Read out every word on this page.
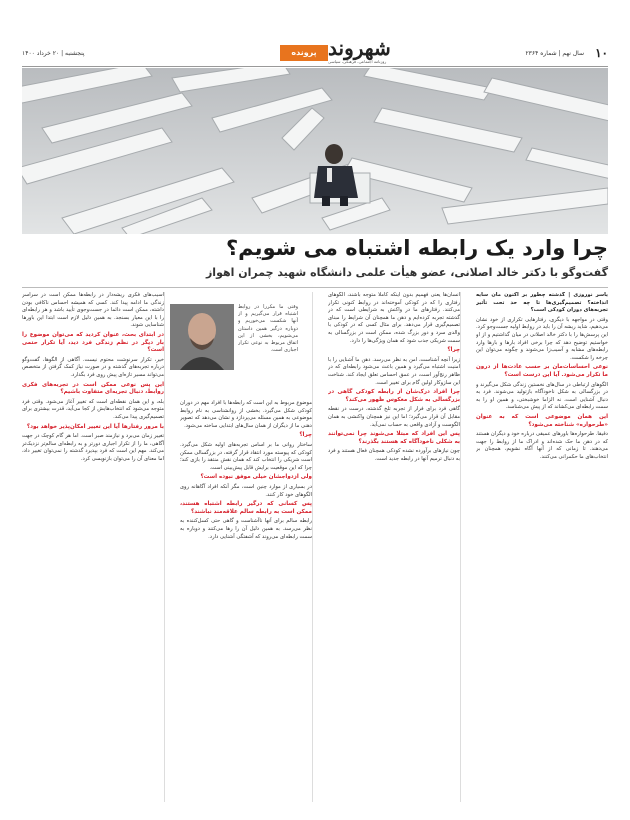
۱۰
سال نهم | شماره ۲۳۶۴
پرونده شهروند
روزنامه اجتماعی، فرهنگی، سیاسی
پنجشنبه | ۲۰ خرداد ۱۴۰۰
چرا وارد یک رابطه اشتباه می شویم؟
گفت‌وگو با دکتر خالد اصلانی، عضو هیأت علمی دانشگاه شهید چمران اهواز

یاسر نوروزی | گذشته چطور بر اکنون مان سایه انداخته؟ تصمیم‌گیری‌ها تا چه حد تحت تأثیر تجربه‌های دوران کودکی است؟

وقتی در مواجهه با دیگری، رفتارهایی تکراری از خود نشان می‌دهیم، شاید ریشه آن را باید در روابط اولیه جست‌وجو کرد. این پرسش‌ها را با دکتر خالد اصلانی در میان گذاشتیم و از او خواستیم توضیح دهد که چرا برخی افراد بارها و بارها وارد رابطه‌های مشابه و آسیب‌زا می‌شوند و چگونه می‌توان این چرخه را شکست.

نوعی احساسات‌مان بر حسب عادت‌ها از درون ما تکرار می‌شود. آیا این درست است؟

الگوهای ارتباطی در سال‌های نخستین زندگی شکل می‌گیرند و در بزرگسالی به شکل ناخودآگاه بازتولید می‌شوند. فرد به دنبال آشنایی است، نه الزاما خوشبختی، و همین او را به سمت رابطه‌ای می‌کشاند که از پیش می‌شناسد.

این همان موضوعی است که به عنوان «طرحواره» شناخته می‌شود؟

دقیقا. طرحواره‌ها باورهای عمیقی درباره خود و دیگران هستند که در ذهن ما حک شده‌اند و ادراک ما از روابط را جهت می‌دهند. تا زمانی که از آنها آگاه نشویم، همچنان بر انتخاب‌های ما حکمرانی می‌کنند.

انسان‌ها یعنی فهمیم بدون اینکه کاملا متوجه باشند، الگوهای رفتاری را که در کودکی آموخته‌اند در روابط کنونی تکرار می‌کنند. رفتارهای ما در واکنش به شرایطی است که در گذشته تجربه کرده‌ایم و ذهن ما همچنان آن شرایط را مبنای تصمیم‌گیری قرار می‌دهد. برای مثال کسی که در کودکی با والدی سرد و دور بزرگ شده، ممکن است در بزرگسالی به سمت شریکی جذب شود که همان ویژگی‌ها را دارد.

چرا؟

زیرا آنچه آشناست، امن به نظر می‌رسد. ذهن ما آشنایی را با امنیت اشتباه می‌گیرد و همین باعث می‌شود رابطه‌ای که در ظاهر رنج‌آور است، در عمق احساس تعلق ایجاد کند. شناخت این سازوکار اولین گام برای تغییر است.

چرا افراد درک‌شان از رابطه کودکی گاهی در بزرگسالی به شکل معکوس ظهور می‌کند؟

گاهی فرد برای فرار از تجربه تلخ گذشته، درست در نقطه مقابل آن قرار می‌گیرد؛ اما این نیز همچنان واکنشی به همان الگوست و آزادی واقعی به حساب نمی‌آید.

پس این افراد که مبتلا می‌شوند چرا نمی‌توانند به شکلی ناخودآگاه که هستند بگذرند؟

چون نیازهای برآورده نشده کودکی همچنان فعال هستند و فرد به دنبال ترمیم آنها در رابطه جدید است.

وقتی ما مکررا در روابط اشتباه قرار می‌گیریم و از آنها شکست می‌خوریم و دوباره درگیر همین داستان می‌شویم، بخشی از این اتفاق مربوط به نوعی تکرار اجباری است.

موضوع مربوط به این است که رابطه‌ها با افراد مهم در دوران کودکی شکل می‌گیرد. بخشی از روانشناسی به نام روابط موضوعی به همین مسئله می‌پردازد و نشان می‌دهد که تصویر ذهنی ما از دیگران از همان سال‌های ابتدایی ساخته می‌شود.

چرا؟

ساختار روانی ما بر اساس تجربه‌های اولیه شکل می‌گیرد. کودکی که پیوسته مورد انتقاد قرار گرفته، در بزرگسالی ممکن است شریکی را انتخاب کند که همان نقش منتقد را بازی کند؛ چرا که این موقعیت برایش قابل پیش‌بینی است.

ولی ازدواجشان خیلی موفق نبوده است؟

در بسیاری از موارد چنین است، مگر آنکه افراد آگاهانه روی الگوهای خود کار کنند.

پس کسانی که درگیر رابطه اشتباه هستند، ممکن است به رابطه سالم علاقه‌مند نباشند؟

رابطه سالم برای آنها ناآشناست و گاهی حتی کسل‌کننده به نظر می‌رسد. به همین دلیل آن را رها می‌کنند و دوباره به سمت رابطه‌ای می‌روند که آشفتگی آشنایی دارد.

آسیب‌های فکری ریشه‌دار در رابطه‌ها ممکن است در سراسر زندگی ما ادامه پیدا کند. کسی که همیشه احساس ناکافی بودن داشته، ممکن است دائما در جست‌وجوی تأیید باشد و هر رابطه‌ای را با این معیار بسنجد. به همین دلیل لازم است ابتدا این باورها شناسایی شوند.

در ابتدای بحث، عنوان کردید که می‌توان موضوع را بار دیگر در نظم زندگی فرد دید، آیا تکرار حتمی است؟

خیر، تکرار سرنوشت محتوم نیست. آگاهی از الگوها، گفت‌وگو درباره تجربه‌های گذشته و در صورت نیاز کمک گرفتن از متخصص می‌تواند مسیر تازه‌ای پیش روی فرد بگذارد.

این پس نوعی ممکن است در تجربه‌های فکری روابط، دنبال تجربه‌ای متفاوت باشیم؟

بله، و این همان نقطه‌ای است که تغییر آغاز می‌شود. وقتی فرد متوجه می‌شود که انتخاب‌هایش از کجا می‌آید، قدرت بیشتری برای تصمیم‌گیری پیدا می‌کند.

با مرور رفتارها آیا این تغییر امکان‌پذیر خواهد بود؟

تغییر زمان می‌برد و نیازمند صبر است. اما هر گام کوچک در جهت آگاهی، ما را از تکرار اجباری دورتر و به رابطه‌ای سالم‌تر نزدیک‌تر می‌کند. مهم این است که فرد بپذیرد گذشته را نمی‌توان تغییر داد، اما معنای آن را می‌توان بازنویسی کرد.
